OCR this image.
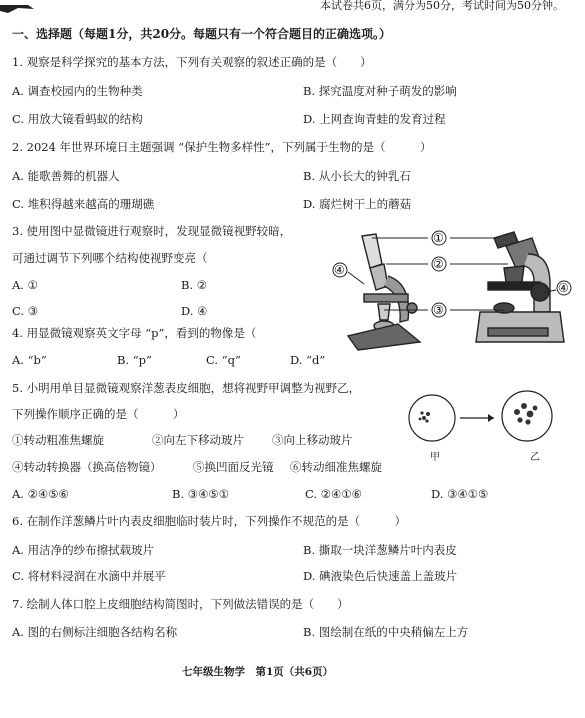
本试卷共6页，满分为50分，考试时间为50分钟。
一、选择题（每题1分，共20分。每题只有一个符合题目的正确选项。）
1. 观察是科学探究的基本方法，下列有关观察的叙述正确的是（　　）
A. 调查校园内的生物种类	B. 探究温度对种子萌发的影响
C. 用放大镜看蚂蚁的结构	D. 上网查询青蛙的发育过程
2. 2024 年世界环境日主题强调 “保护生物多样性”，下列属于生物的是（　　　）
A. 能歌善舞的机器人	B. 从小长大的钟乳石
C. 堆积得越来越高的珊瑚礁	D. 腐烂树干上的蘑菇
3. 使用图中显微镜进行观察时，发现显微镜视野较暗，
可通过调节下列哪个结构使视野变亮（
A. ①	B. ②
C. ③	D. ④
①
②
③
④
④
4. 用显微镜观察英文字母 “p”，看到的物像是（
A. “b”	B. “p”	C. “q”	D. “d”
5. 小明用单目显微镜观察洋葱表皮细胞，想将视野甲调整为视野乙，
下列操作顺序正确的是（　　　）
①转动粗准焦螺旋	②向左下移动玻片 ③向上移动玻片
④转动转换器（换高倍物镜）	⑤换凹面反光镜 ⑥转动细准焦螺旋
A. ②④⑤⑥	B. ③④⑤①	C. ②④①⑥	D. ③④①⑤
甲	乙
6. 在制作洋葱鳞片叶内表皮细胞临时装片时，下列操作不规范的是（　　　）
A. 用洁净的纱布擦拭载玻片	B. 撕取一块洋葱鳞片叶内表皮
C. 将材料浸润在水滴中并展平	D. 碘液染色后快速盖上盖玻片
7. 绘制人体口腔上皮细胞结构简图时，下列做法错误的是（　　）
A. 图的右侧标注细胞各结构名称	B. 图绘制在纸的中央稍偏左上方
七年级生物学　第1页（共6页）
